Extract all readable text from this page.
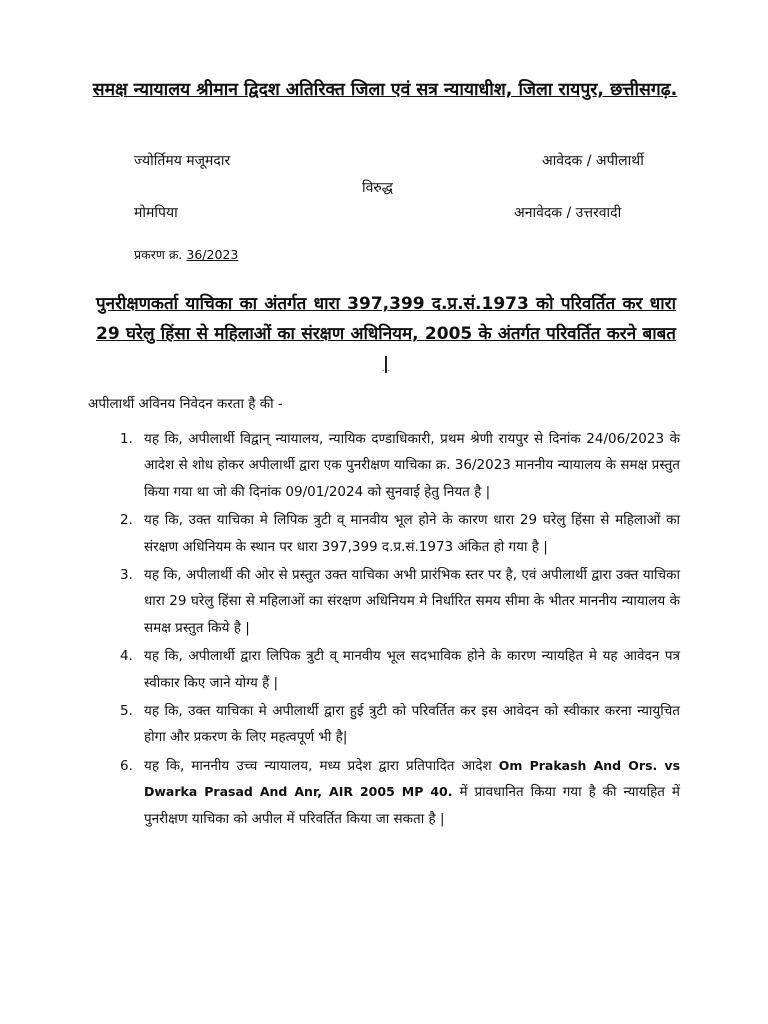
समक्ष न्यायालय श्रीमान द्विदश अतिरिक्त जिला एवं सत्र न्यायाधीश, जिला रायपुर, छत्तीसगढ़.
ज्योर्तिमय मजूमदार	आवेदक / अपीलार्थी
विरुद्ध
मोमपिया	अनावेदक / उत्तरवादी
प्रकरण क्र. 36/2023
पुनरीक्षणकर्ता याचिका का अंतर्गत धारा 397,399 द.प्र.सं.1973 को परिवर्तित कर धारा 29 घरेलु हिंसा से महिलाओं का संरक्षण अधिनियम, 2005 के अंतर्गत परिवर्तित करने बाबत |
अपीलार्थी अविनय निवेदन करता है की -
1. यह कि, अपीलार्थी विद्वान् न्यायालय, न्यायिक दण्डाधिकारी, प्रथम श्रेणी रायपुर से दिनांक 24/06/2023 के आदेश से शोध होकर अपीलार्थी द्वारा एक पुनरीक्षण याचिका क्र. 36/2023 माननीय न्यायालय के समक्ष प्रस्तुत किया गया था जो की दिनांक 09/01/2024 को सुनवाई हेतु नियत है |
2. यह कि, उक्त याचिका मे लिपिक त्रुटी व् मानवीय भूल होने के कारण धारा 29 घरेलु हिंसा से महिलाओं का संरक्षण अधिनियम के स्थान पर धारा 397,399 द.प्र.सं.1973 अंकित हो गया है |
3. यह कि, अपीलार्थी की ओर से प्रस्तुत उक्त याचिका अभी प्रारंभिक स्तर पर है, एवं अपीलार्थी द्वारा उक्त याचिका धारा 29 घरेलु हिंसा से महिलाओं का संरक्षण अधिनियम मे निर्धारित समय सीमा के भीतर माननीय न्यायालय के समक्ष प्रस्तुत किये है |
4. यह कि, अपीलार्थी द्वारा लिपिक त्रुटी व् मानवीय भूल सदभाविक होने के कारण न्यायहित मे यह आवेदन पत्र स्वीकार किए जाने योग्य हैं |
5. यह कि, उक्त याचिका मे अपीलार्थी द्वारा हुई त्रुटी को परिवर्तित कर इस आवेदन को स्वीकार करना न्यायुचित होगा और प्रकरण के लिए महत्वपूर्ण भी है|
6. यह कि, माननीय उच्च न्यायालय, मध्य प्रदेश द्वारा प्रतिपादित आदेश Om Prakash And Ors. vs Dwarka Prasad And Anr, AIR 2005 MP 40. में प्रावधानित किया गया है की न्यायहित में पुनरीक्षण याचिका को अपील में परिवर्तित किया जा सकता है |
